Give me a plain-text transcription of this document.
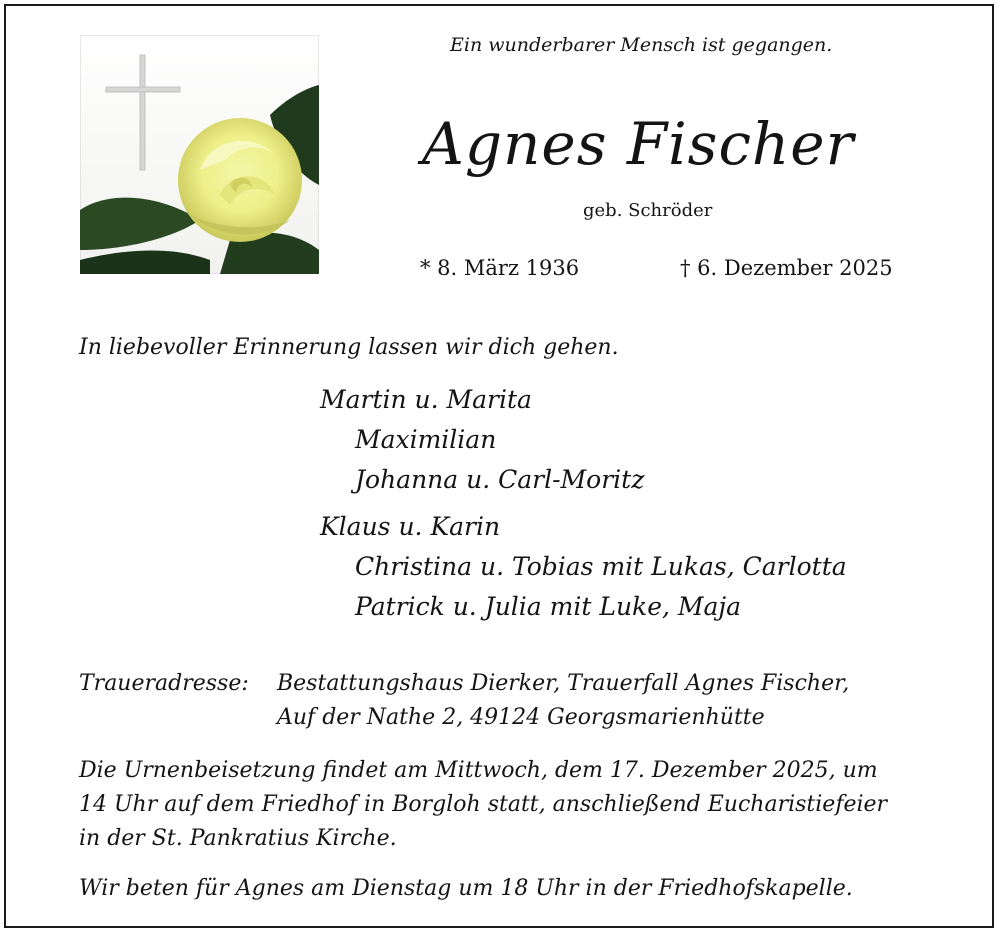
Ein wunderbarer Mensch ist gegangen.
Agnes Fischer
geb. Schröder
* 8. März 1936	† 6. Dezember 2025
In liebevoller Erinnerung lassen wir dich gehen.
Martin u. Marita
Maximilian
Johanna u. Carl-Moritz
Klaus u. Karin
Christina u. Tobias mit Lukas, Carlotta
Patrick u. Julia mit Luke, Maja
Traueradresse: Bestattungshaus Dierker, Trauerfall Agnes Fischer,
Auf der Nathe 2, 49124 Georgsmarienhütte
Die Urnenbeisetzung findet am Mittwoch, dem 17. Dezember 2025, um
14 Uhr auf dem Friedhof in Borgloh statt, anschließend Eucharistiefeier
in der St. Pankratius Kirche.
Wir beten für Agnes am Dienstag um 18 Uhr in der Friedhofskapelle.
